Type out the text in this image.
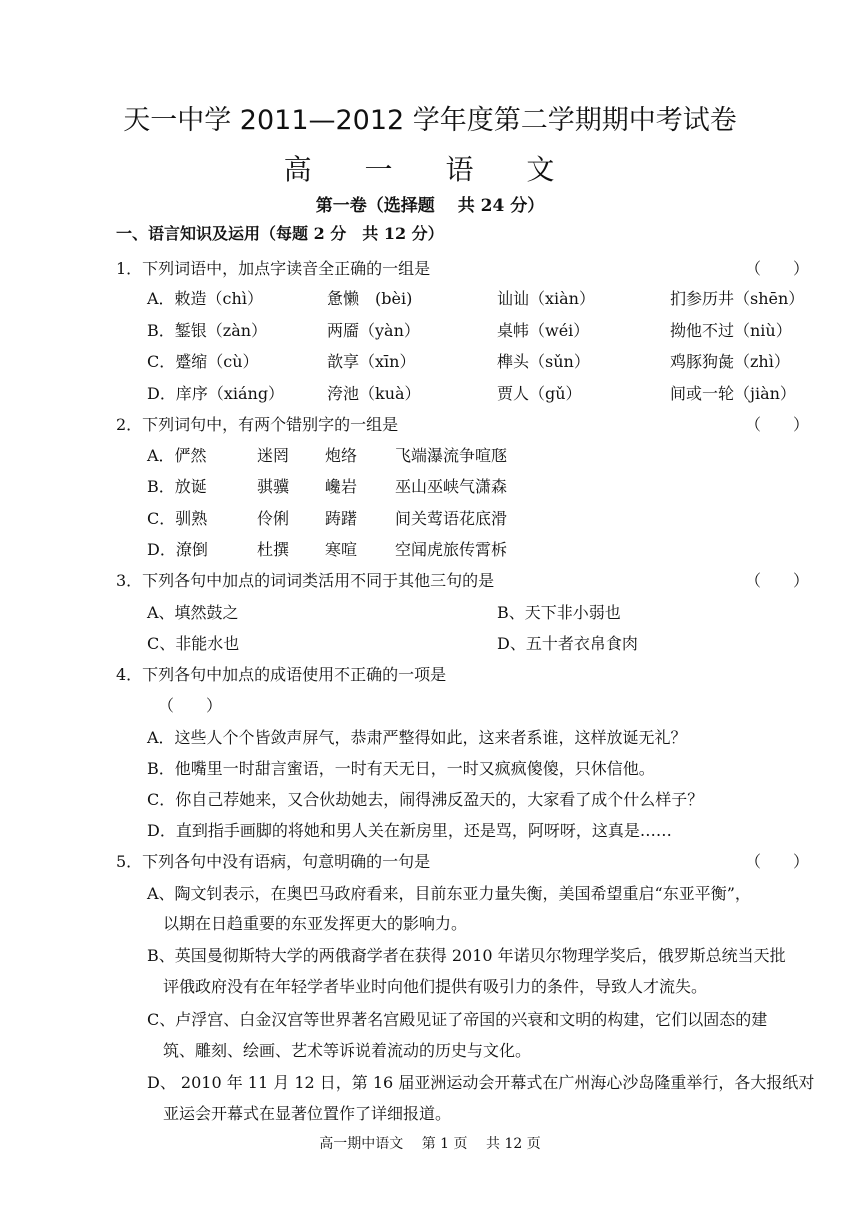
天一中学 2011—2012 学年度第二学期期中考试卷
高 一 语 文
第一卷（选择题　 共 24 分）
一、语言知识及运用（每题 2 分　共 12 分）
1．下列词语中，加点字读音全正确的一组是	（　　）
A．敕造（chì）	惫懒　(bèi)	讪讪（xiàn）	扪参历井（shēn）
B．錾银（zàn）	两靥（yàn）	桌帏（wéi）	拗他不过（niù）
C．蹙缩（cù）	歆享（xīn）	榫头（sǔn）	鸡豚狗彘（zhì）
D．庠序（xiáng）	洿池（kuà）	贾人（gǔ）	间或一轮（jiàn）
2．下列词句中，有两个错别字的一组是	（　　）
A．俨然	迷罔 炮络 飞端瀑流争喧豗
B．放诞	骐骥 巉岩 巫山巫峡气潇森
C．驯熟	伶俐 踌躇 间关莺语花底滑
D．潦倒	杜撰 寒喧 空闻虎旅传霄柝
3．下列各句中加点的词词类活用不同于其他三句的是	（　　）
A、填然鼓之	B、天下非小弱也
C、非能水也	D、五十者衣帛食肉
4．下列各句中加点的成语使用不正确的一项是
（　　）
A．这些人个个皆敛声屏气，恭肃严整得如此，这来者系谁，这样放诞无礼？
B．他嘴里一时甜言蜜语，一时有天无日，一时又疯疯傻傻，只休信他。
C．你自己荐她来，又合伙劫她去，闹得沸反盈天的，大家看了成个什么样子？
D．直到指手画脚的将她和男人关在新房里，还是骂，阿呀呀，这真是……
5．下列各句中没有语病，句意明确的一句是	（　　）
A、陶文钊表示，在奥巴马政府看来，目前东亚力量失衡，美国希望重启“东亚平衡”，
以期在日趋重要的东亚发挥更大的影响力。
B、英国曼彻斯特大学的两俄裔学者在获得 2010 年诺贝尔物理学奖后，俄罗斯总统当天批
评俄政府没有在年轻学者毕业时向他们提供有吸引力的条件，导致人才流失。
C、卢浮宫、白金汉宫等世界著名宫殿见证了帝国的兴衰和文明的构建，它们以固态的建
筑、雕刻、绘画、艺术等诉说着流动的历史与文化。
D、 2010 年 11 月 12 日，第 16 届亚洲运动会开幕式在广州海心沙岛隆重举行，各大报纸对
亚运会开幕式在显著位置作了详细报道。
高一期中语文　 第 1 页　 共 12 页
